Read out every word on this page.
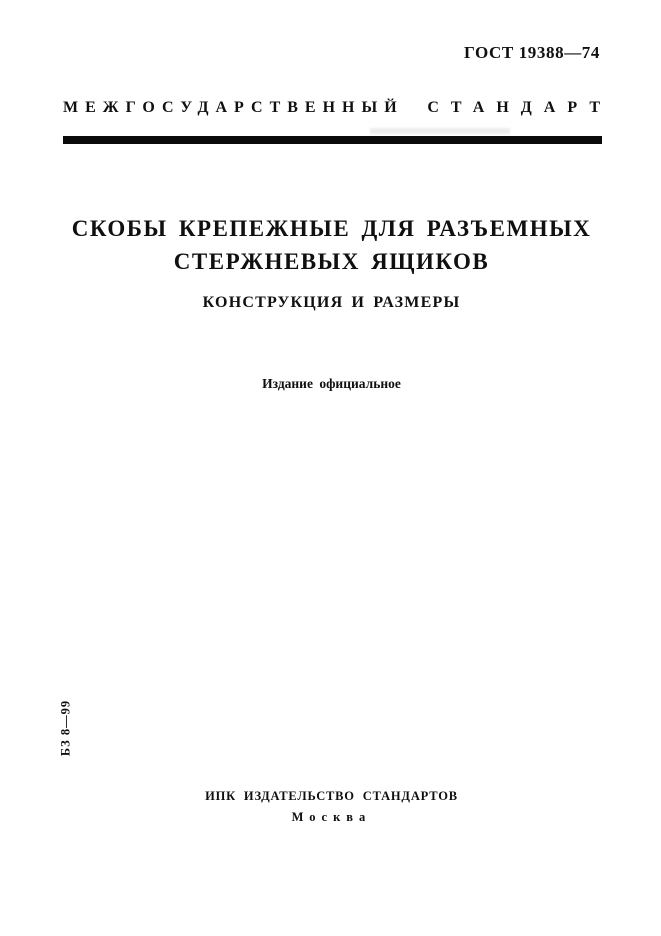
ГОСТ 19388—74
МЕЖГОСУДАРСТВЕННЫЙ СТАНДАРТ
СКОБЫ КРЕПЕЖНЫЕ ДЛЯ РАЗЪЕМНЫХ
СТЕРЖНЕВЫХ ЯЩИКОВ
КОНСТРУКЦИЯ И РАЗМЕРЫ
Издание официальное
БЗ 8—99
ИПК ИЗДАТЕЛЬСТВО СТАНДАРТОВ
Москва
